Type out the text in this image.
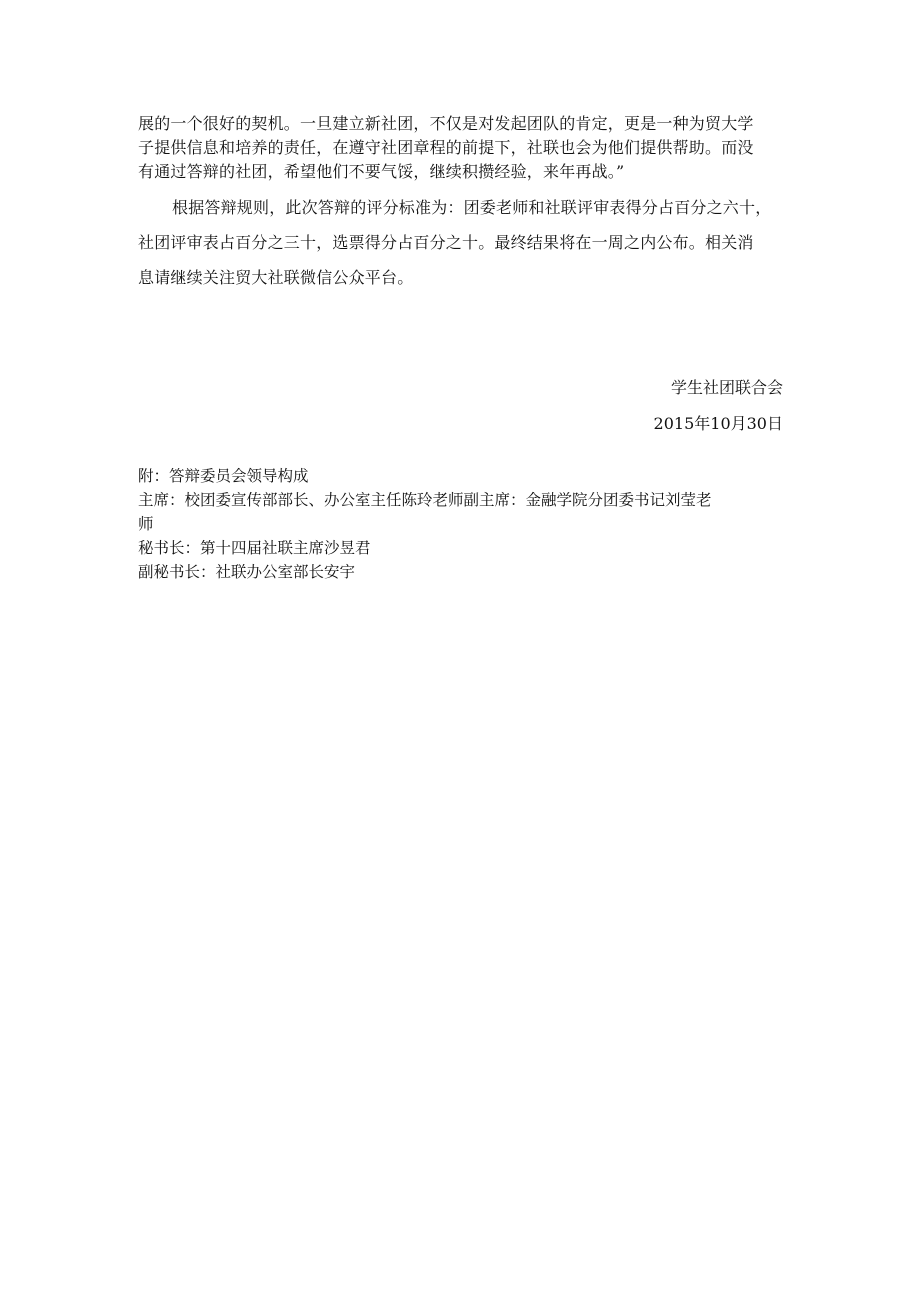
展的一个很好的契机。一旦建立新社团，不仅是对发起团队的肯定，更是一种为贸大学
子提供信息和培养的责任，在遵守社团章程的前提下，社联也会为他们提供帮助。而没
有通过答辩的社团，希望他们不要气馁，继续积攒经验，来年再战。”
根据答辩规则，此次答辩的评分标准为：团委老师和社联评审表得分占百分之六十，
社团评审表占百分之三十，选票得分占百分之十。最终结果将在一周之内公布。相关消
息请继续关注贸大社联微信公众平台。
学生社团联合会
2015年10月30日
附：答辩委员会领导构成
主席：校团委宣传部部长、办公室主任陈玲老师副主席：金融学院分团委书记刘莹老
师
秘书长：第十四届社联主席沙昱君
副秘书长：社联办公室部长安宇
